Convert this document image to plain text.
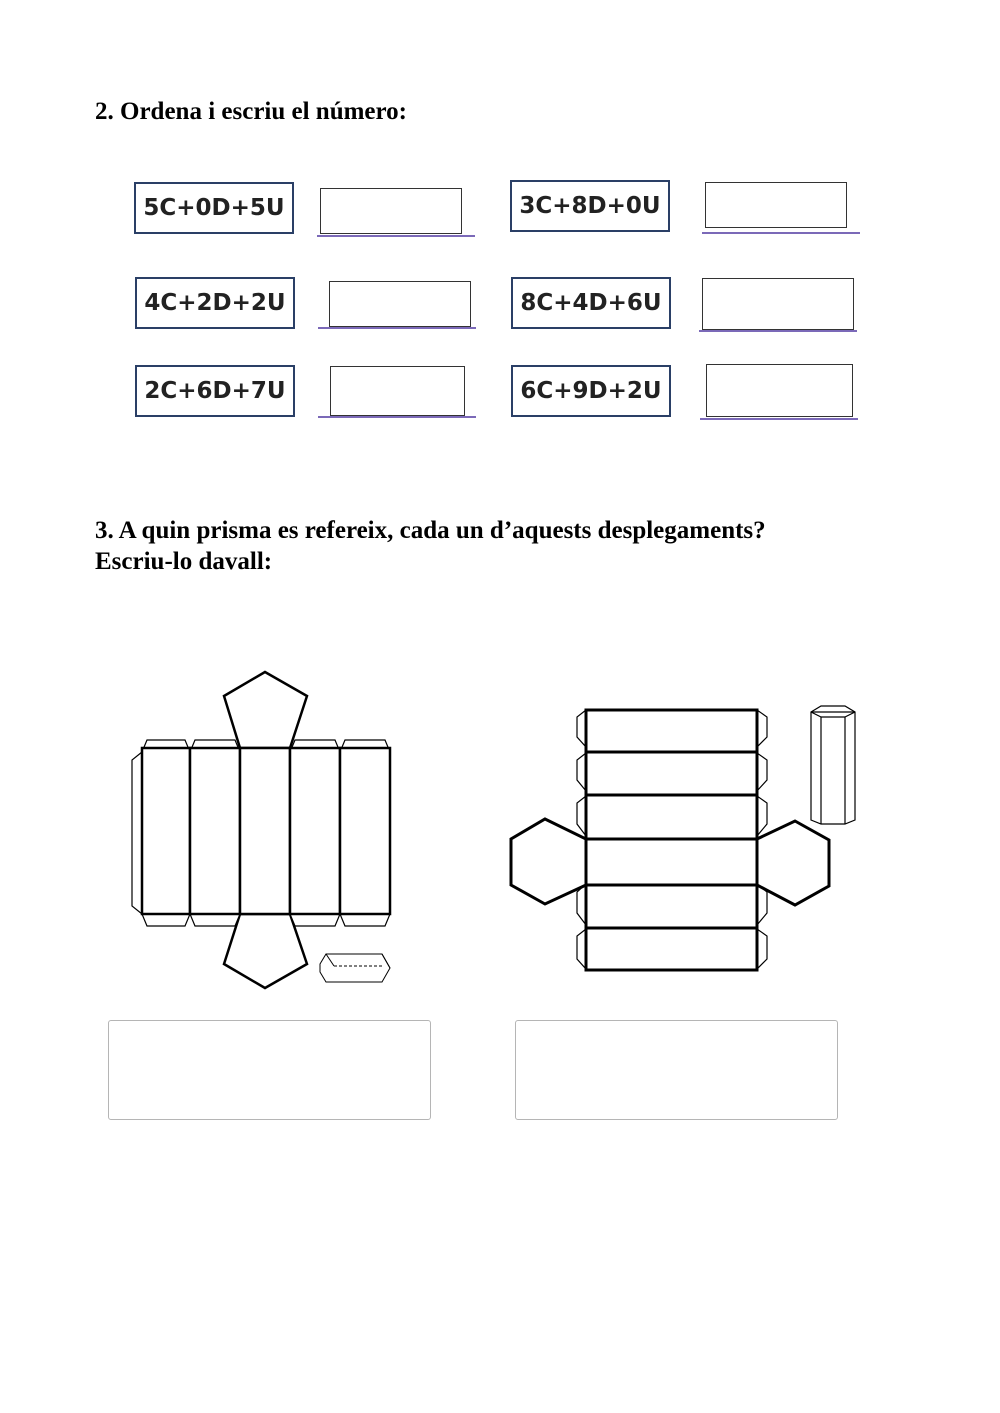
2. Ordena i escriu el número:
5C+0D+5U	3C+8D+0U
4C+2D+2U	8C+4D+6U
2C+6D+7U	6C+9D+2U
3. A quin prisma es refereix, cada un d’aquests desplegaments?
Escriu-lo davall:
